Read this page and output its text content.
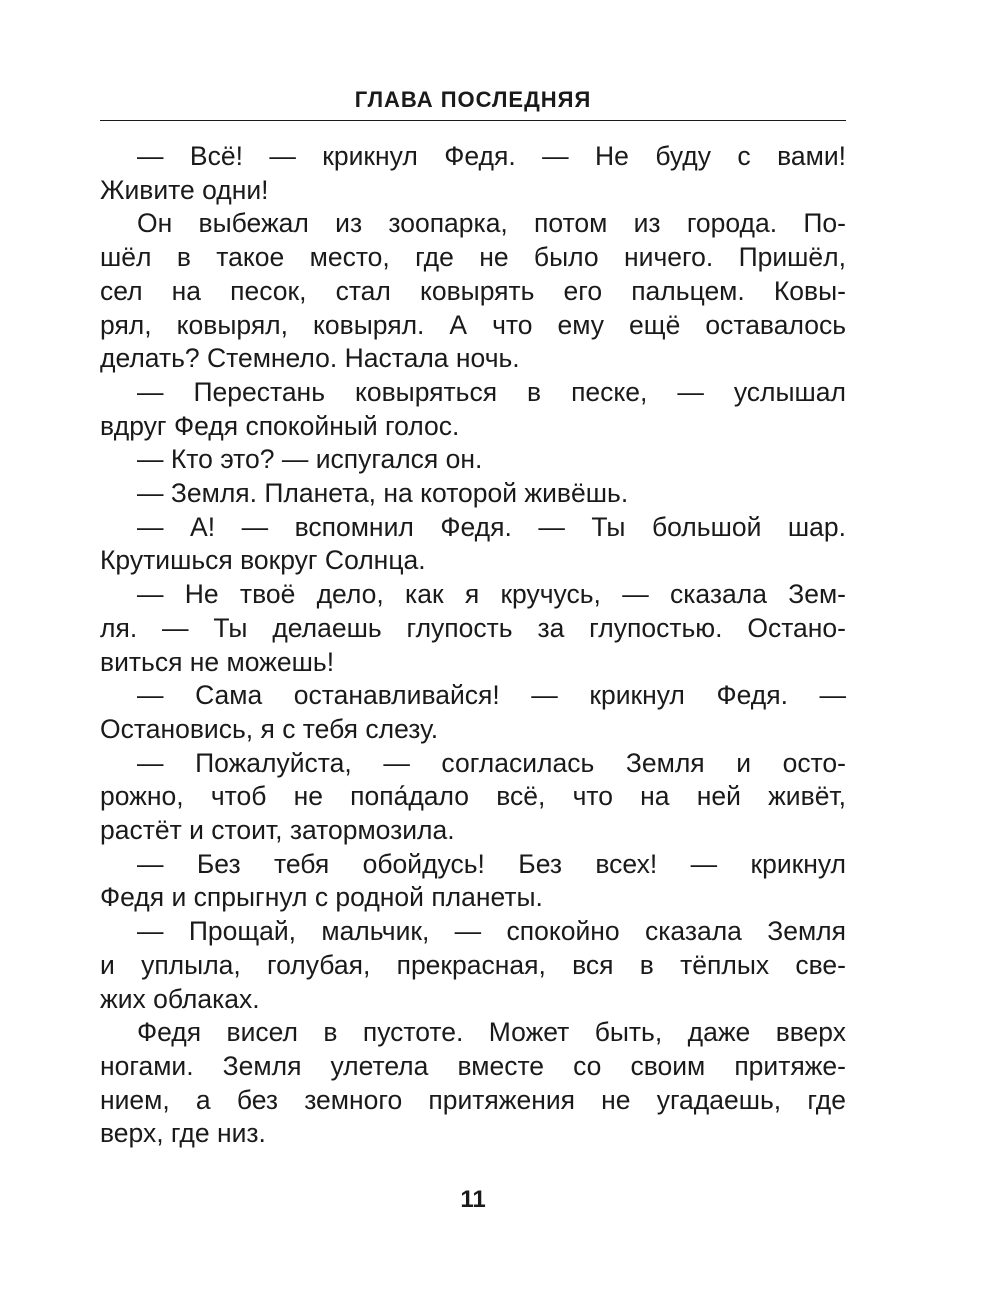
ГЛАВА ПОСЛЕДНЯЯ

— Всё! — крикнул Федя. — Не буду с вами!
Живите одни!

Он выбежал из зоопарка, потом из города. По-
шёл в такое место, где не было ничего. Пришёл,
сел на песок, стал ковырять его пальцем. Ковы-
рял, ковырял, ковырял. А что ему ещё оставалось
делать? Стемнело. Настала ночь.

— Перестань ковыряться в песке, — услышал
вдруг Федя спокойный голос.

— Кто это? — испугался он.

— Земля. Планета, на которой живёшь.

— А! — вспомнил Федя. — Ты большой шар.
Крутишься вокруг Солнца.

— Не твоё дело, как я кручусь, — сказала Зем-
ля. — Ты делаешь глупость за глупостью. Остано-
виться не можешь!

— Сама останавливайся! — крикнул Федя. —
Остановись, я с тебя слезу.

— Пожалуйста, — согласилась Земля и осто-
рожно, чтоб не попа́дало всё, что на ней живёт,
растёт и стоит, затормозила.

— Без тебя обойдусь! Без всех! — крикнул
Федя и спрыгнул с родной планеты.

— Прощай, мальчик, — спокойно сказала Земля
и уплыла, голубая, прекрасная, вся в тёплых све-
жих облаках.

Федя висел в пустоте. Может быть, даже вверх
ногами. Земля улетела вместе со своим притяже-
нием, а без земного притяжения не угадаешь, где
верх, где низ.

11
